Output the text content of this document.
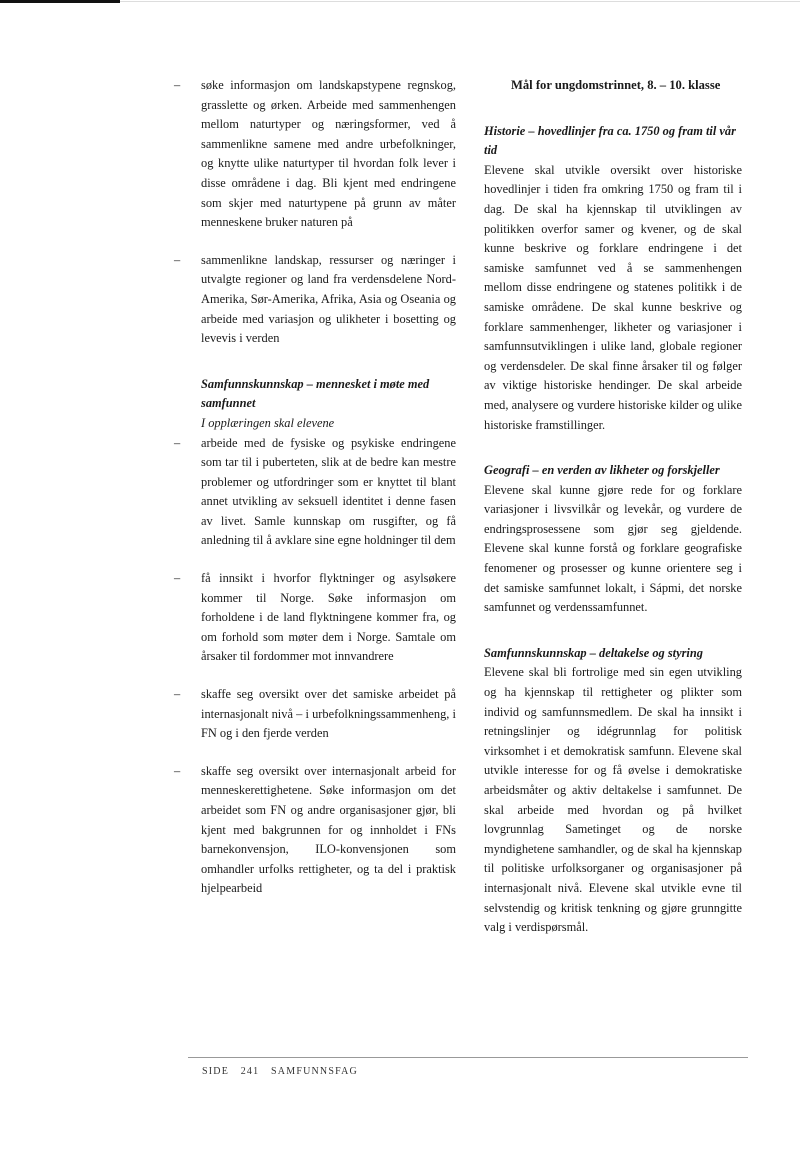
– søke informasjon om landskapstypene regnskog, grasslette og ørken. Arbeide med sammenhengen mellom naturtyper og næringsformer, ved å sammenlikne samene med andre urbefolkninger, og knytte ulike naturtyper til hvordan folk lever i disse områdene i dag. Bli kjent med endringene som skjer med naturtypene på grunn av måter menneskene bruker naturen på
– sammenlikne landskap, ressurser og næringer i utvalgte regioner og land fra verdensdelene Nord-Amerika, Sør-Amerika, Afrika, Asia og Oseania og arbeide med variasjon og ulikheter i bosetting og levevis i verden
Samfunnskunnskap – mennesket i møte med samfunnet
I opplæringen skal elevene
– arbeide med de fysiske og psykiske endringene som tar til i puberteten, slik at de bedre kan mestre problemer og utfordringer som er knyttet til blant annet utvikling av seksuell identitet i denne fasen av livet. Samle kunnskap om rusgifter, og få anledning til å avklare sine egne holdninger til dem
– få innsikt i hvorfor flyktninger og asylsøkere kommer til Norge. Søke informasjon om forholdene i de land flyktningene kommer fra, og om forhold som møter dem i Norge. Samtale om årsaker til fordommer mot innvandrere
– skaffe seg oversikt over det samiske arbeidet på internasjonalt nivå – i urbefolkningssammenheng, i FN og i den fjerde verden
– skaffe seg oversikt over internasjonalt arbeid for menneskerettighetene. Søke informasjon om det arbeidet som FN og andre organisasjoner gjør, bli kjent med bakgrunnen for og innholdet i FNs barnekonvensjon, ILO-konvensjonen som omhandler urfolks rettigheter, og ta del i praktisk hjelpearbeid
Mål for ungdomstrinnet, 8. – 10. klasse
Historie – hovedlinjer fra ca. 1750 og fram til vår tid
Elevene skal utvikle oversikt over historiske hovedlinjer i tiden fra omkring 1750 og fram til i dag. De skal ha kjennskap til utviklingen av politikken overfor samer og kvener, og de skal kunne beskrive og forklare endringene i det samiske samfunnet ved å se sammenhengen mellom disse endringene og statenes politikk i de samiske områdene. De skal kunne beskrive og forklare sammenhenger, likheter og variasjoner i samfunnsutviklingen i ulike land, globale regioner og verdensdeler. De skal finne årsaker til og følger av viktige historiske hendinger. De skal arbeide med, analysere og vurdere historiske kilder og ulike historiske framstillinger.
Geografi – en verden av likheter og forskjeller
Elevene skal kunne gjøre rede for og forklare variasjoner i livsvilkår og levekår, og vurdere de endringsprosessene som gjør seg gjeldende. Elevene skal kunne forstå og forklare geografiske fenomener og prosesser og kunne orientere seg i det samiske samfunnet lokalt, i Sápmi, det norske samfunnet og verdenssamfunnet.
Samfunnskunnskap – deltakelse og styring
Elevene skal bli fortrolige med sin egen utvikling og ha kjennskap til rettigheter og plikter som individ og samfunnsmedlem. De skal ha innsikt i retningslinjer og idégrunnlag for politisk virksomhet i et demokratisk samfunn. Elevene skal utvikle interesse for og få øvelse i demokratiske arbeidsmåter og aktiv deltakelse i samfunnet. De skal arbeide med hvordan og på hvilket lovgrunnlag Sametinget og de norske myndighetene samhandler, og de skal ha kjennskap til politiske urfolksorganer og organisasjoner på internasjonalt nivå. Elevene skal utvikle evne til selvstendig og kritisk tenkning og gjøre grunngitte valg i verdispørsmål.
SIDE 241 SAMFUNNSFAG
